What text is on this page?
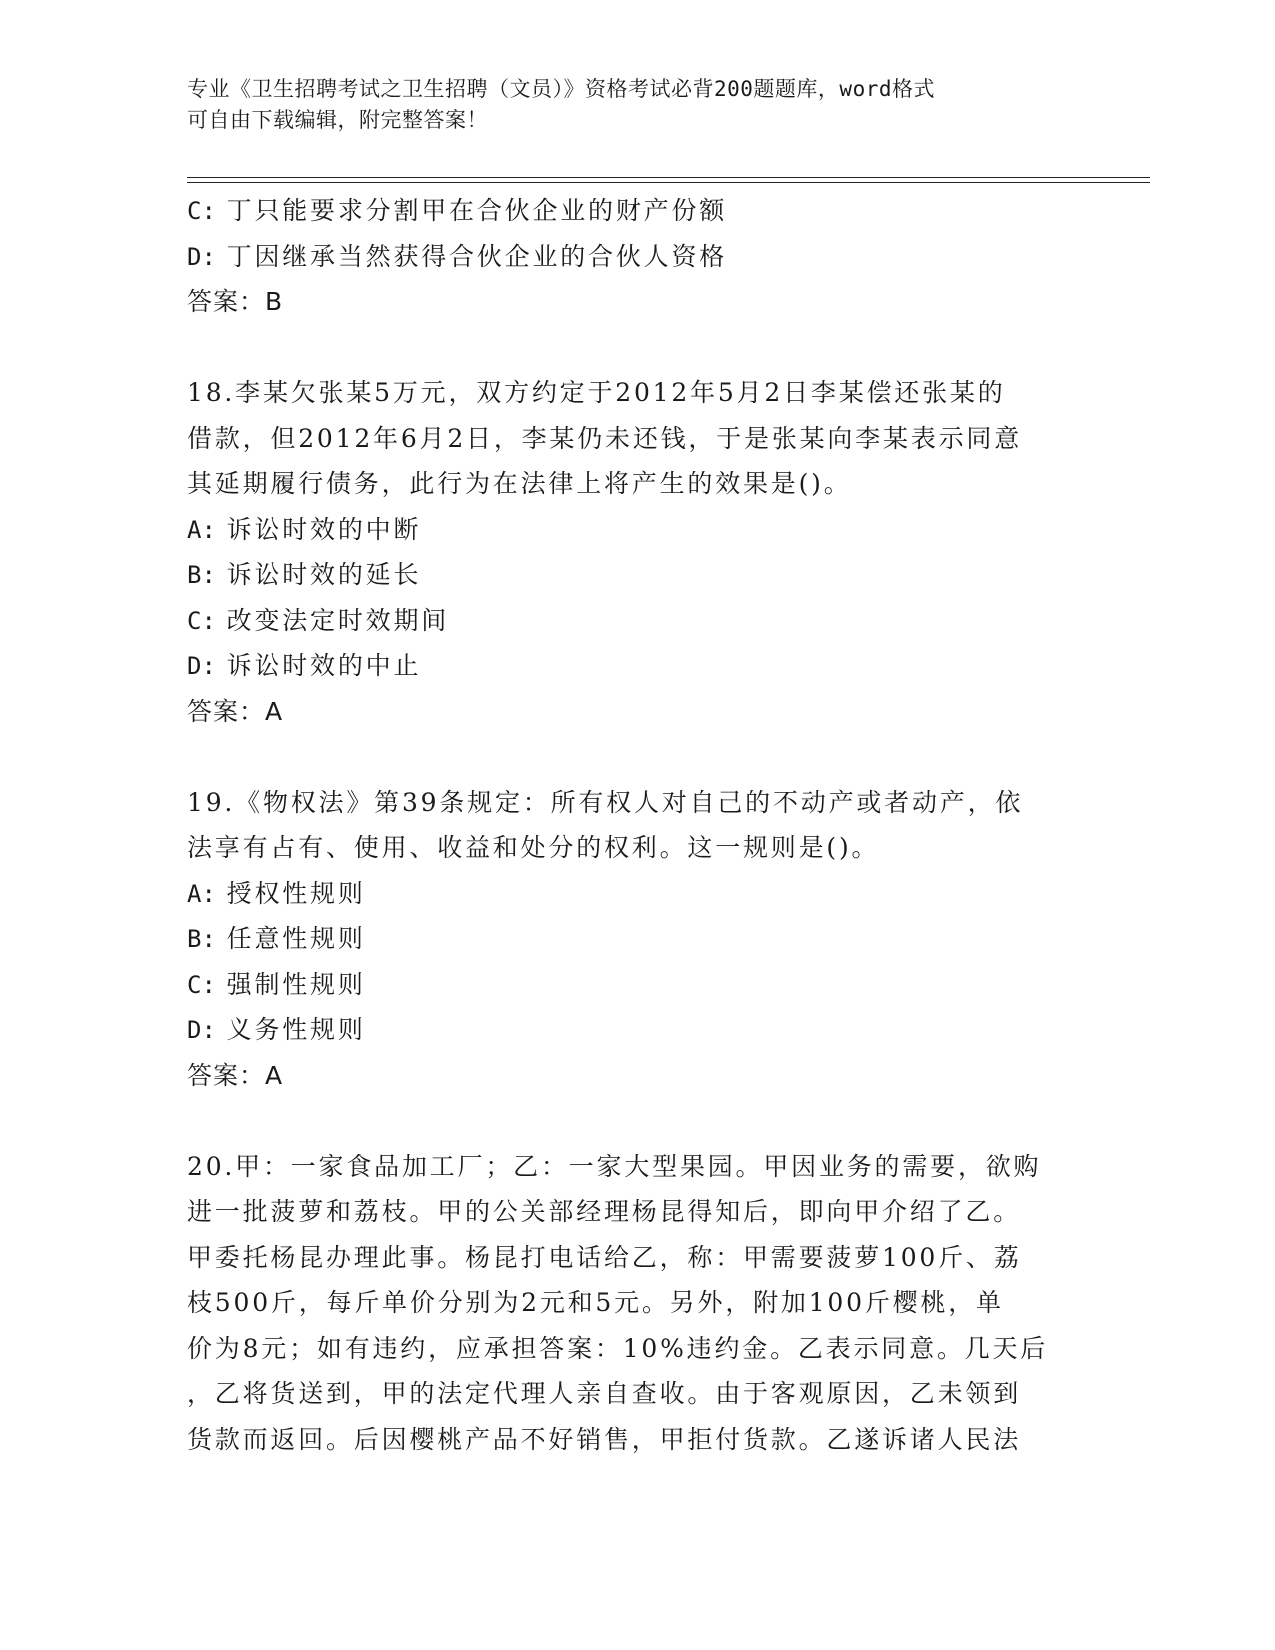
专业《卫生招聘考试之卫生招聘（文员）》资格考试必背200题题库，word格式
可自由下载编辑，附完整答案！
C: 丁只能要求分割甲在合伙企业的财产份额
D: 丁因继承当然获得合伙企业的合伙人资格
答案：B
18.李某欠张某5万元，双方约定于2012年5月2日李某偿还张某的
借款，但2012年6月2日，李某仍未还钱，于是张某向李某表示同意
其延期履行债务，此行为在法律上将产生的效果是()。
A: 诉讼时效的中断
B: 诉讼时效的延长
C: 改变法定时效期间
D: 诉讼时效的中止
答案：A
19.《物权法》第39条规定：所有权人对自己的不动产或者动产，依
法享有占有、使用、收益和处分的权利。这一规则是()。
A: 授权性规则
B: 任意性规则
C: 强制性规则
D: 义务性规则
答案：A
20.甲：一家食品加工厂；乙：一家大型果园。甲因业务的需要，欲购
进一批菠萝和荔枝。甲的公关部经理杨昆得知后，即向甲介绍了乙。
甲委托杨昆办理此事。杨昆打电话给乙，称：甲需要菠萝100斤、荔
枝500斤，每斤单价分别为2元和5元。另外，附加100斤樱桃，单
价为8元；如有违约，应承担答案：10%违约金。乙表示同意。几天后
，乙将货送到，甲的法定代理人亲自查收。由于客观原因，乙未领到
货款而返回。后因樱桃产品不好销售，甲拒付货款。乙遂诉诸人民法
